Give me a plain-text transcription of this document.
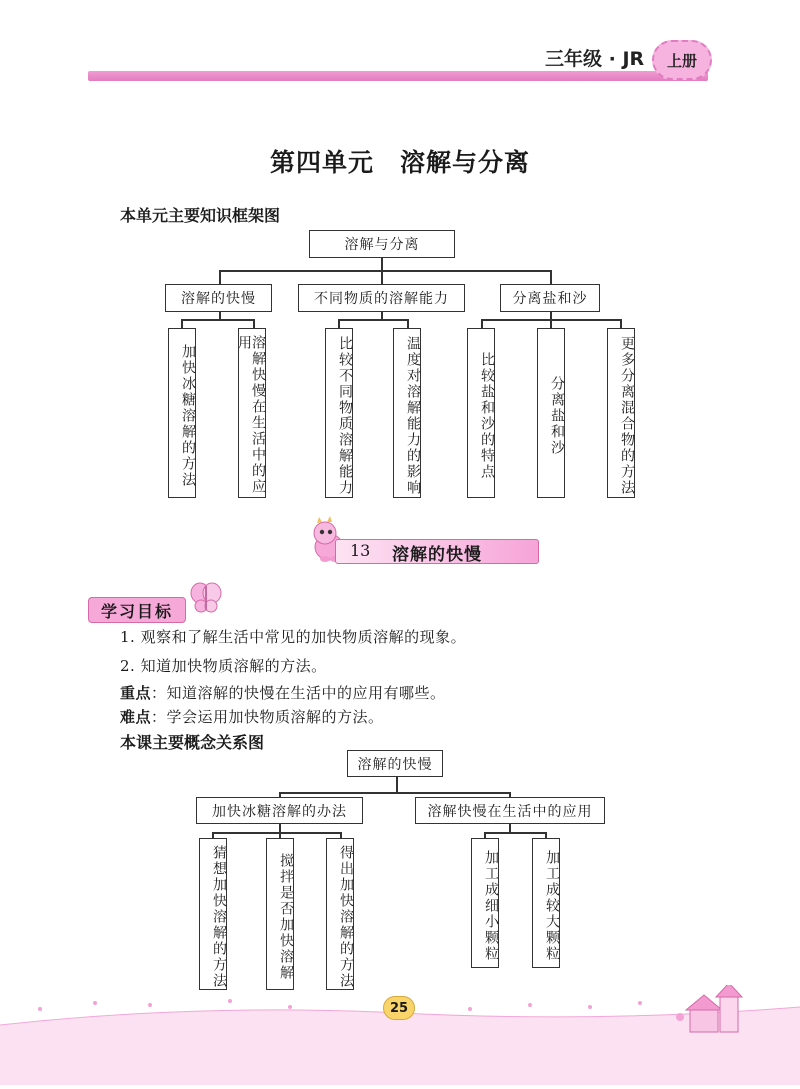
三年级 · JR 上册
第四单元　溶解与分离
本单元主要知识框架图
溶解与分离
溶解的快慢	不同物质的溶解能力	分离盐和沙
加快冰糖溶解的方法	溶解快慢在生活中的应用	比较不同物质溶解能力	温度对溶解能力的影响	比较盐和沙的特点	分离盐和沙	更多分离混合物的方法
13 溶解的快慢
学习目标
1. 观察和了解生活中常见的加快物质溶解的现象。
2. 知道加快物质溶解的方法。
重点：知道溶解的快慢在生活中的应用有哪些。
难点：学会运用加快物质溶解的方法。
本课主要概念关系图
溶解的快慢
加快冰糖溶解的办法	溶解快慢在生活中的应用
猜想加快溶解的方法	搅拌是否加快溶解	得出加快溶解的方法	加工成细小颗粒	加工成较大颗粒
25
